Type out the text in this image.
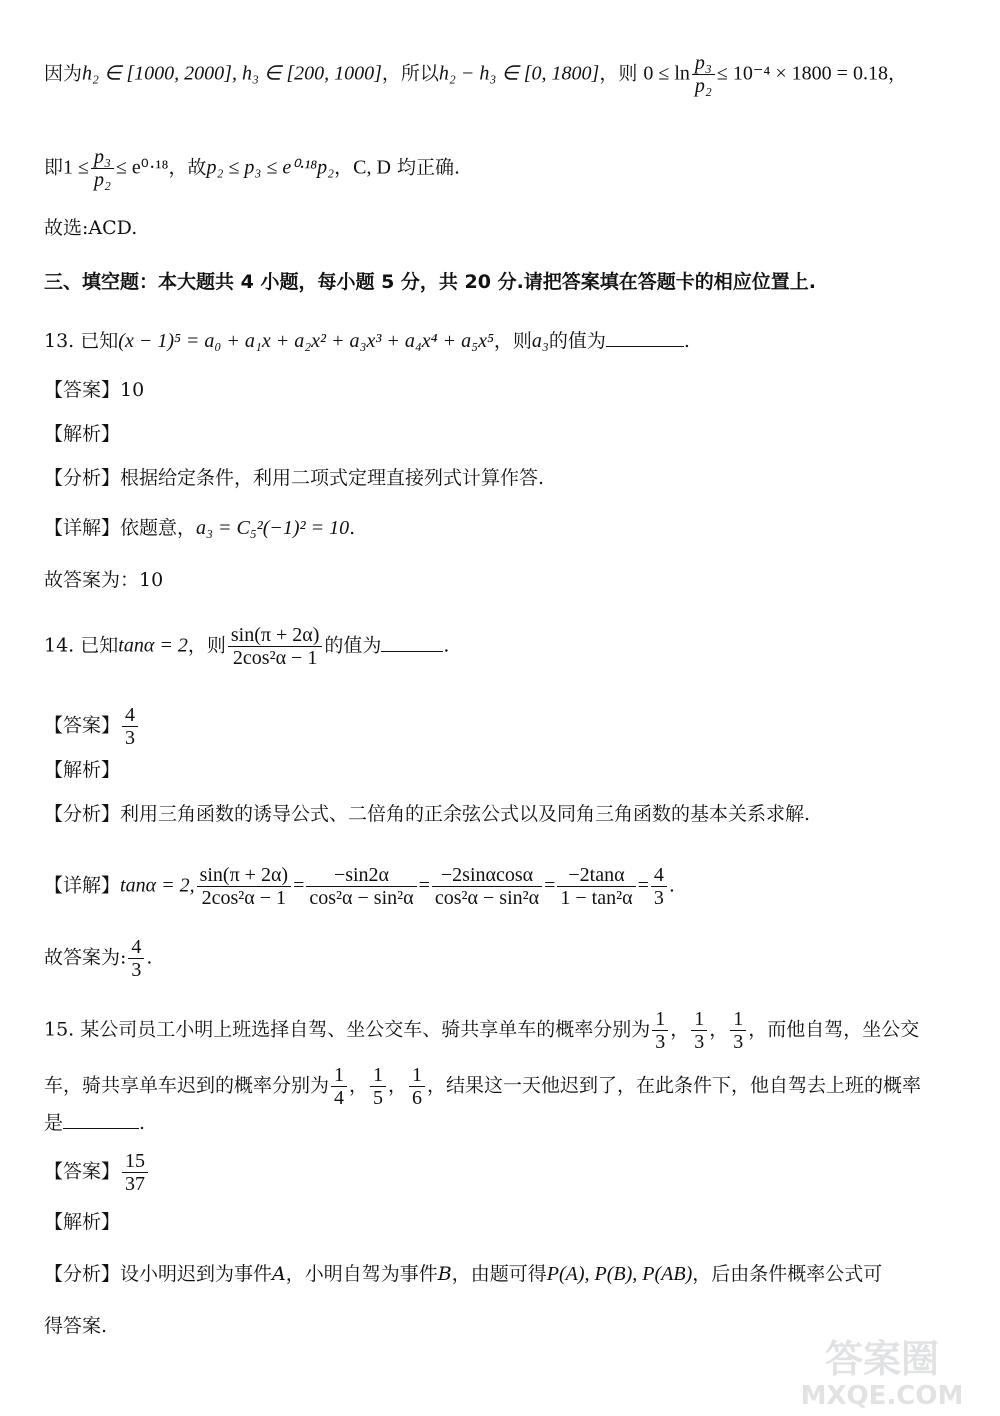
因为h₂ ∈ [1000, 2000], h₃ ∈ [200, 1000]，所以h₂ − h₃ ∈ [0, 1800]，则 $0 \le \ln \frac{\text{p₃}}{\text{p₂}} \le 10^{-4} \times 1800 = 0.18$，
即$1 \le \frac{\text{p₃}}{\text{p₂}} \le e^0\cdot^{18}$，故p₂ ≤ p₃ ≤ e⁰·¹⁸p₂，C, D 均正确.
故选:ACD.
三、填空题：本大题共 4 小题，每小题 5 分，共 20 分.请把答案填在答题卡的相应位置上.
13. 已知(x − 1)⁵ = a₀ + a₁x + a₂x² + a₃x³ + a₄x⁴ + a₅x⁵，则a₃的值为	.
【答案】10
【解析】
【分析】根据给定条件，利用二项式定理直接列式计算作答.
【详解】依题意，a₃ = C₅²(−1)² = 10.
故答案为：10
14. 已知tanα = 2，则 $\frac{\sin(\pi + 2\alpha)}{\text{2cos²α − 1}}$ 的值为	.
【答案】 $\frac{4}{3}$
【解析】
【分析】利用三角函数的诱导公式、二倍角的正余弦公式以及同角三角函数的基本关系求解.
【详解】tanα = 2, $\frac{\sin(\pi + 2\alpha)}{\text{2cos²α − 1}} = \frac{-\sin 2\alpha}{\text{cos²α − sin²α}} = \frac{-2\sin\alpha\cos\alpha}{\text{cos²α − sin²α}} = \frac{-2\tan\alpha}{\text{1 − tan²α}} = \frac{4}{3}$ .
故答案为: $\frac{4}{3}$ .
15. 某公司员工小明上班选择自驾、坐公交车、骑共享单车的概率分别为 $\frac{1}{3}$ ， $\frac{1}{3}$ ， $\frac{1}{3}$ ，而他自驾，坐公交
车，骑共享单车迟到的概率分别为 $\frac{1}{4}$ ， $\frac{1}{5}$ ， $\frac{1}{6}$ ，结果这一天他迟到了，在此条件下，他自驾去上班的概率
是	.
【答案】 $\frac{15}{37}$
【解析】
【分析】设小明迟到为事件A，小明自驾为事件B，由题可得P(A), P(B), P(AB)，后由条件概率公式可
得答案.
答案圈
MXQE.COM
